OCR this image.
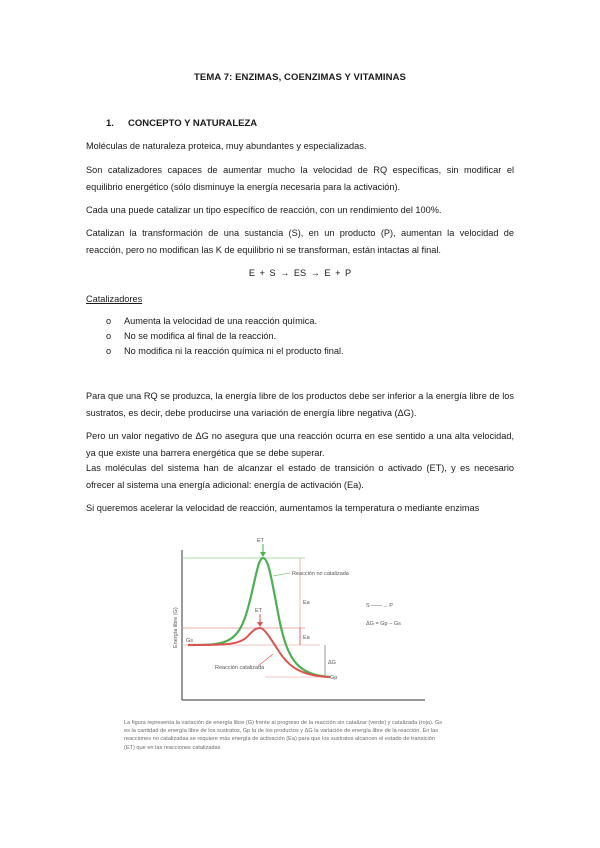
TEMA 7: ENZIMAS, COENZIMAS Y VITAMINAS
1. CONCEPTO Y NATURALEZA
Moléculas de naturaleza proteica, muy abundantes y especializadas.
Son catalizadores capaces de aumentar mucho la velocidad de RQ específicas, sin modificar el equilibrio energético (sólo disminuye la energía necesaria para la activación).
Cada una puede catalizar un tipo específico de reacción, con un rendimiento del 100%.
Catalizan la transformación de una sustancia (S), en un producto (P), aumentan la velocidad de reacción, pero no modifican las K de equilibrio ni se transforman, están intactas al final.
E + S → ES → E + P
Catalizadores
o Aumenta la velocidad de una reacción química.
o No se modifica al final de la reacción.
o No modifica ni la reacción química ni el producto final.
Para que una RQ se produzca, la energía libre de los productos debe ser inferior a la energía libre de los sustratos, es decir, debe producirse una variación de energía libre negativa (ΔG).
Pero un valor negativo de ΔG no asegura que una reacción ocurra en ese sentido a una alta velocidad, ya que existe una barrera energética que se debe superar.
Las moléculas del sistema han de alcanzar el estado de transición o activado (ET), y es necesario ofrecer al sistema una energía adicional: energía de activación (Ea).
Si queremos acelerar la velocidad de reacción, aumentamos la temperatura o mediante enzimas
Energía libre (G)
ET
ET
Reacción no catalizada
Reacción catalizada
Ea
Ea
Gs
Gp
ΔG
S ——→ P
ΔG = Gp − Gs
La figura representa la variación de energía libre (G) frente al progreso de la reacción sin catalizar (verde) y catalizada (roja). Gs es la cantidad de energía libre de los sustratos, Gp la de los productos y ΔG la variación de energía libre de la reacción. En las reacciones no catalizadas se requiere más energía de activación (Ea) para que los sustratos alcancen el estado de transición (ET) que en las reacciones catalizadas
